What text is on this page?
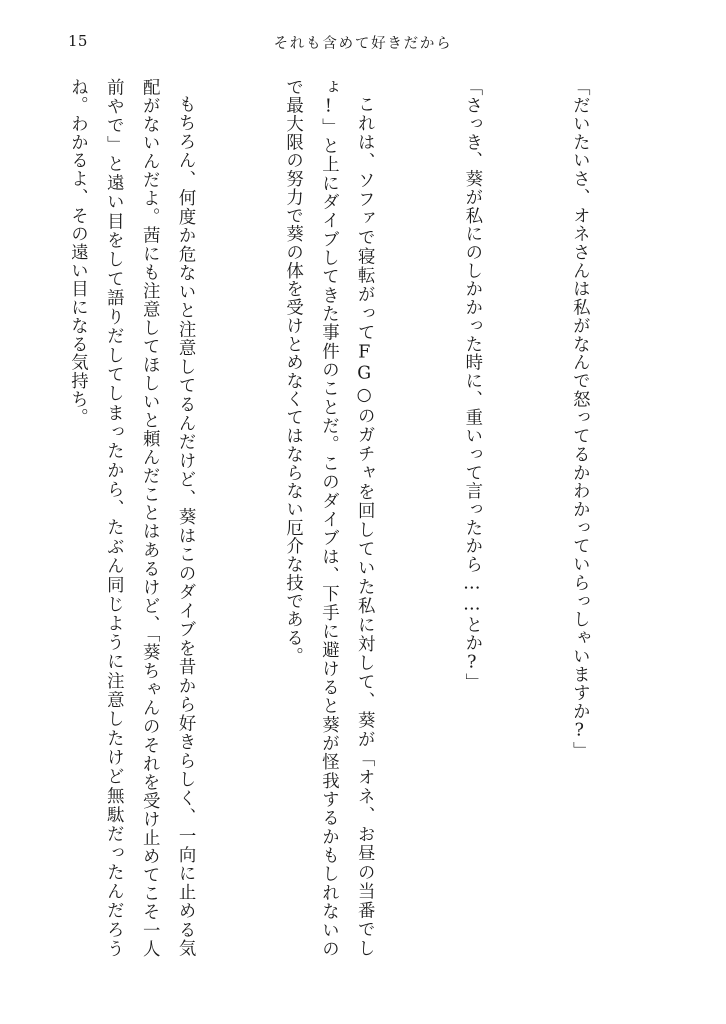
15	それも含めて好きだから

「だいたいさ、オネさんは私がなんで怒ってるかわかっていらっしゃいますか?」

「さっき、葵が私にのしかかった時に、重いって言ったから……とか?」

これは、ソファで寝転がってFG○のガチャを回していた私に対して、葵が「オネ、お昼の当番でしょ!」と上にダイブしてきた事件のことだ。このダイブは、下手に避けると葵が怪我するかもしれないので最大限の努力で葵の体を受けとめなくてはならない厄介な技である。

もちろん、何度か危ないと注意してるんだけど、葵はこのダイブを昔から好きらしく、一向に止める気配がないんだよ。茜にも注意してほしいと頼んだことはあるけど、「葵ちゃんのそれを受け止めてこそ一人前やで」と遠い目をして語りだしてしまったから、たぶん同じように注意したけど無駄だったんだろうね。わかるよ、その遠い目になる気持ち。
